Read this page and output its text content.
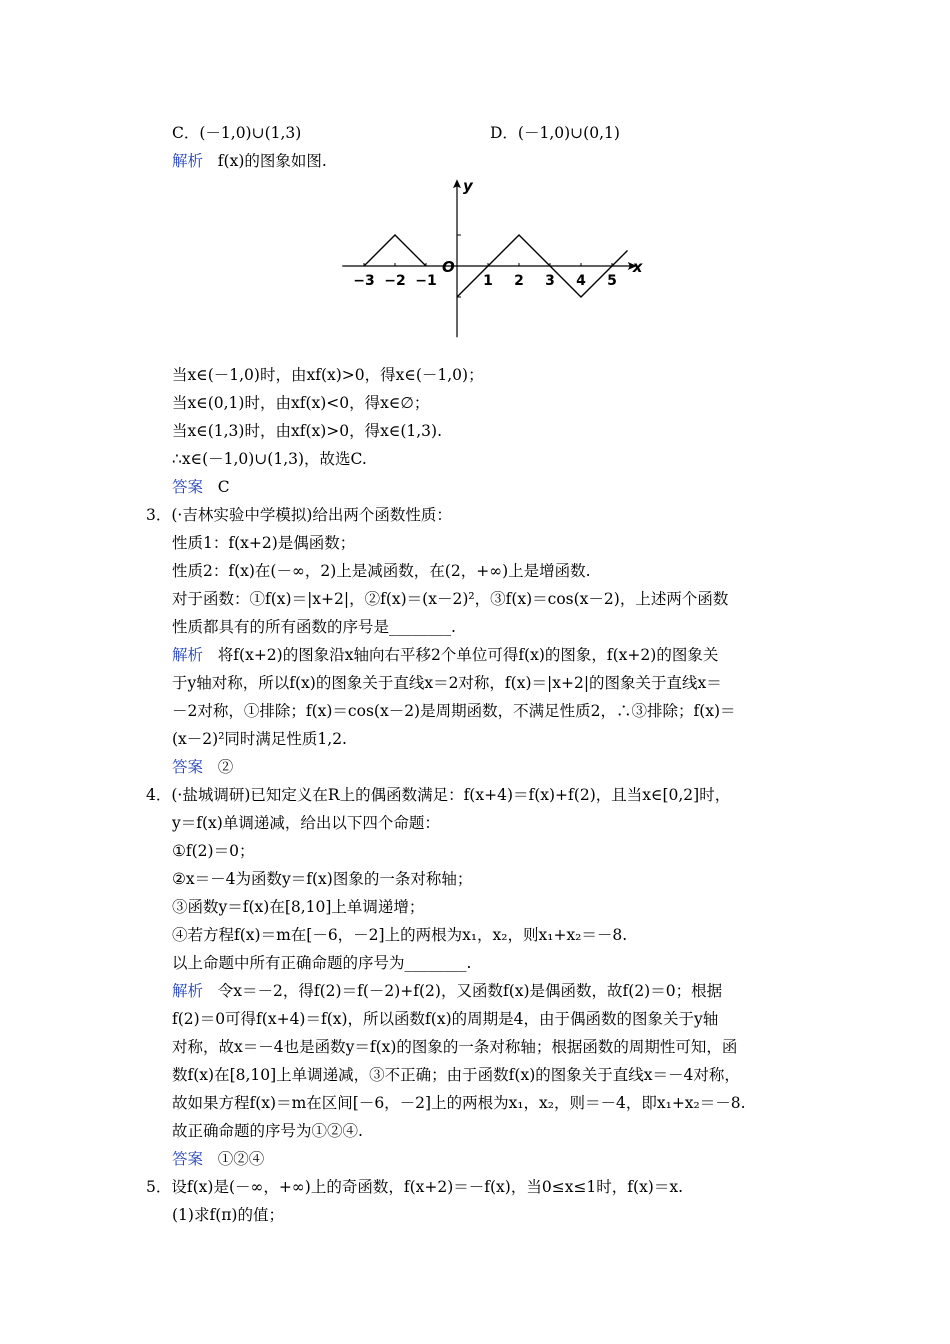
C．(－1,0)∪(1,3)	D．(－1,0)∪(0,1)
解析 f(x)的图象如图.
−3 −2 −1	1 2 3 4 5
y
x
O
当x∈(－1,0)时，由xf(x)>0，得x∈(－1,0)；
当x∈(0,1)时，由xf(x)<0，得x∈∅；
当x∈(1,3)时，由xf(x)>0，得x∈(1,3).
∴x∈(－1,0)∪(1,3)，故选C.
答案 C
3．(·吉林实验中学模拟)给出两个函数性质：
性质1：f(x+2)是偶函数；
性质2：f(x)在(－∞，2)上是减函数，在(2，+∞)上是增函数.
对于函数：①f(x)＝|x+2|，②f(x)＝(x－2)²，③f(x)＝cos(x－2)，上述两个函数
性质都具有的所有函数的序号是________.
解析 将f(x+2)的图象沿x轴向右平移2个单位可得f(x)的图象，f(x+2)的图象关
于y轴对称，所以f(x)的图象关于直线x＝2对称，f(x)＝|x+2|的图象关于直线x＝
－2对称，①排除；f(x)＝cos(x－2)是周期函数，不满足性质2，∴③排除；f(x)＝
(x－2)²同时满足性质1,2.
答案 ②
4．(·盐城调研)已知定义在R上的偶函数满足：f(x+4)＝f(x)+f(2)，且当x∈[0,2]时，
y＝f(x)单调递减，给出以下四个命题：
①f(2)＝0；
②x＝－4为函数y＝f(x)图象的一条对称轴；
③函数y＝f(x)在[8,10]上单调递增；
④若方程f(x)＝m在[－6，－2]上的两根为x₁，x₂，则x₁+x₂＝－8.
以上命题中所有正确命题的序号为________.
解析 令x＝－2，得f(2)＝f(－2)+f(2)，又函数f(x)是偶函数，故f(2)＝0；根据
f(2)＝0可得f(x+4)＝f(x)，所以函数f(x)的周期是4，由于偶函数的图象关于y轴
对称，故x＝－4也是函数y＝f(x)的图象的一条对称轴；根据函数的周期性可知，函
数f(x)在[8,10]上单调递减，③不正确；由于函数f(x)的图象关于直线x＝－4对称，
故如果方程f(x)＝m在区间[－6，－2]上的两根为x₁，x₂，则＝－4，即x₁+x₂＝－8.
故正确命题的序号为①②④.
答案 ①②④
5．设f(x)是(－∞，+∞)上的奇函数，f(x+2)＝－f(x)，当0≤x≤1时，f(x)＝x.
(1)求f(π)的值；
